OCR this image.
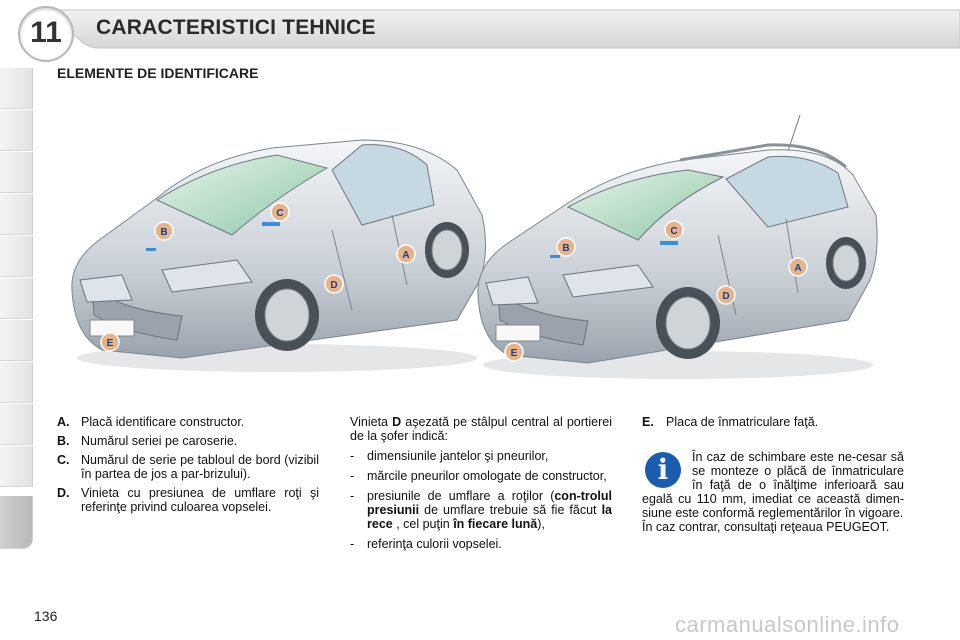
11	CARACTERISTICI TEHNICE
ELEMENTE DE IDENTIFICARE
C
B
A
D
E
C
B
A
D
E
A. Placă identificare constructor.
B. Numărul seriei pe caroserie.
C. Numărul de serie pe tabloul de bord (vizibil în partea de jos a par-brizului).
D. Vinieta cu presiunea de umflare roţi şi referinţe privind culoarea vopselei.
Vinieta D aşezată pe stâlpul central al portierei de la şofer indică:
- dimensiunile jantelor şi pneurilor,
- mărcile pneurilor omologate de constructor,
- presiunile de umflare a roţilor (con-trolul presiunii de umflare trebuie să fie făcut la rece , cel puţin în fiecare lună),
- referinţa culorii vopselei.
E. Placa de înmatriculare faţă.
i	În caz de schimbare este ne-cesar să se monteze o plăcă de înmatriculare în faţă de o înălţime inferioară sau egală cu 110 mm, imediat ce această dimen-siune este conformă reglementărilor în vigoare.
În caz contrar, consultaţi reţeaua PEUGEOT.
136	carmanualsonline.info
